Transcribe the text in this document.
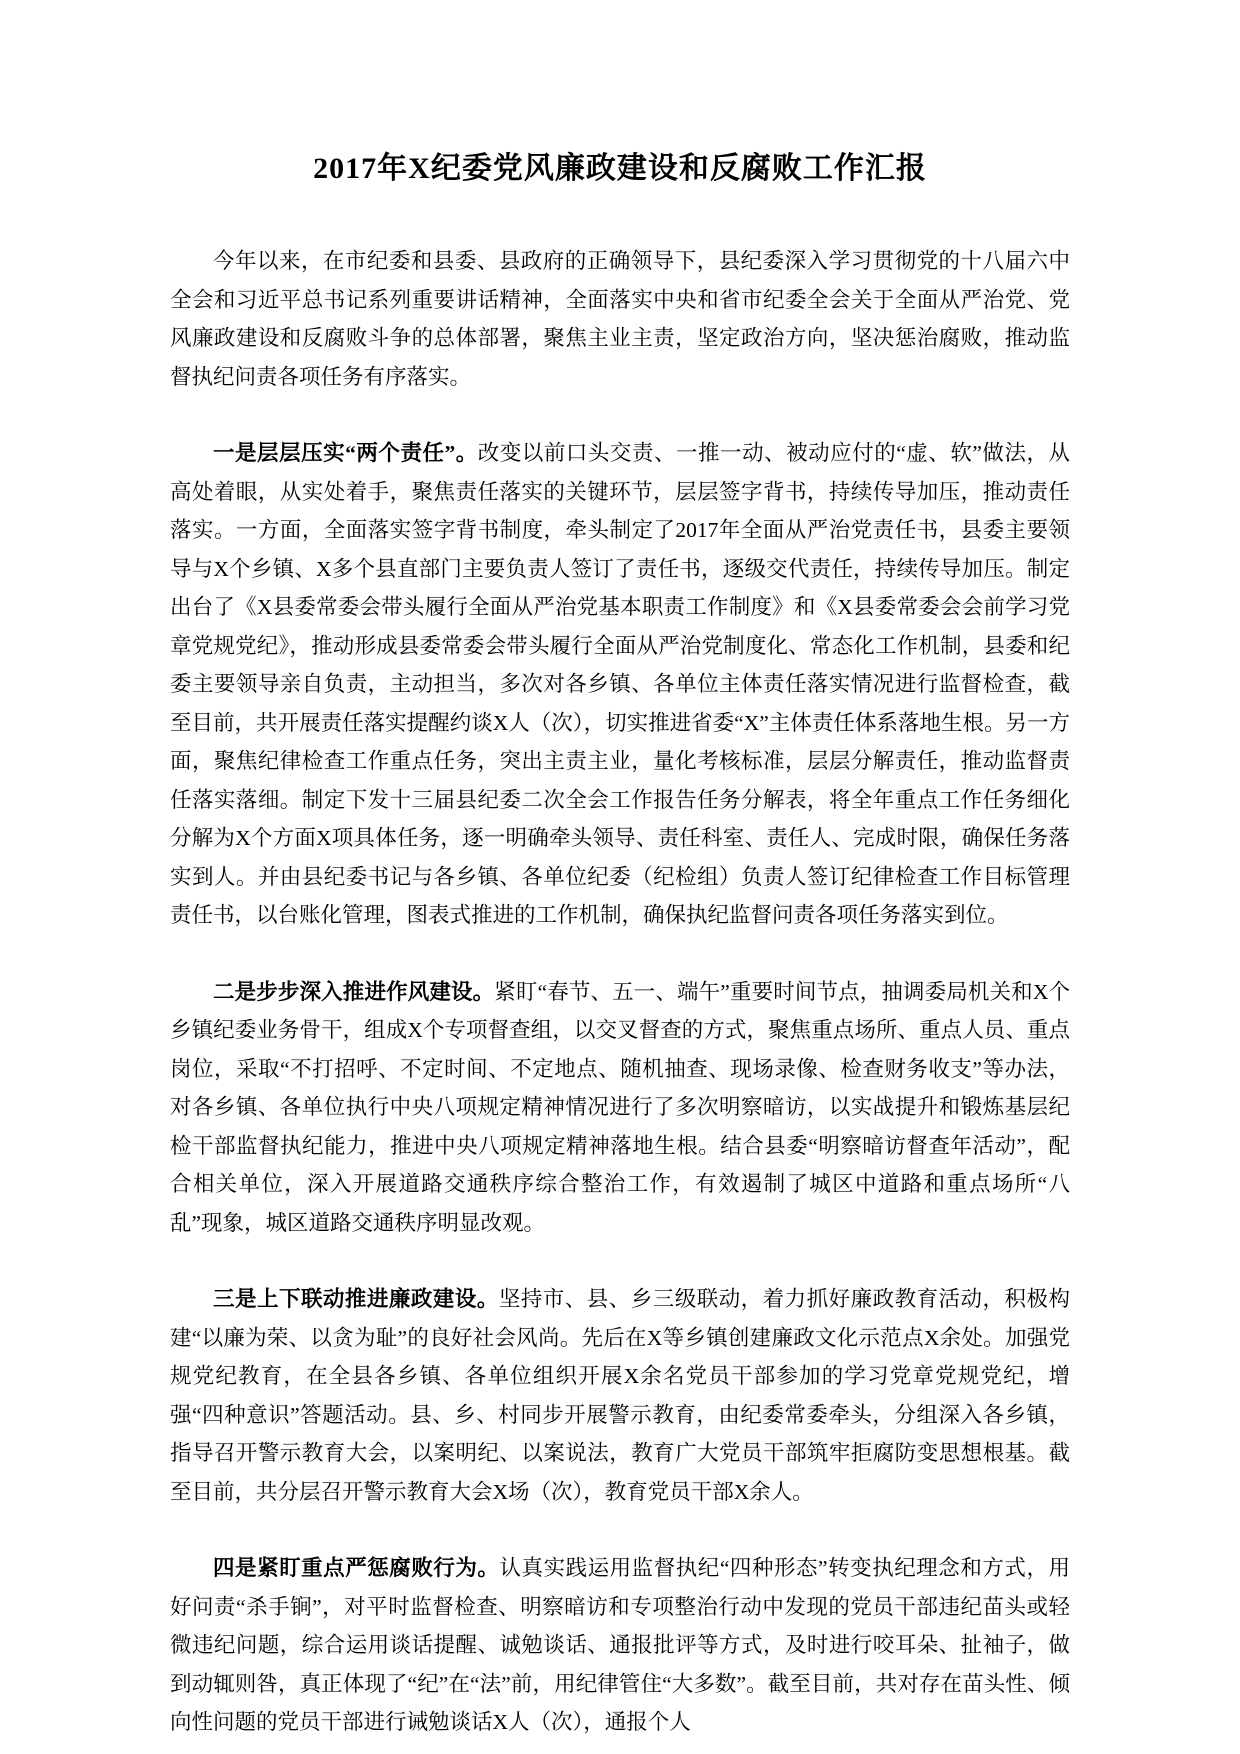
2017年X纪委党风廉政建设和反腐败工作汇报

今年以来，在市纪委和县委、县政府的正确领导下，县纪委深入学习贯彻党的十八届六中全会和习近平总书记系列重要讲话精神，全面落实中央和省市纪委全会关于全面从严治党、党风廉政建设和反腐败斗争的总体部署，聚焦主业主责，坚定政治方向，坚决惩治腐败，推动监督执纪问责各项任务有序落实。

一是层层压实“两个责任”。改变以前口头交责、一推一动、被动应付的“虚、软”做法，从高处着眼，从实处着手，聚焦责任落实的关键环节，层层签字背书，持续传导加压，推动责任落实。一方面，全面落实签字背书制度，牵头制定了2017年全面从严治党责任书，县委主要领导与X个乡镇、X多个县直部门主要负责人签订了责任书，逐级交代责任，持续传导加压。制定出台了《X县委常委会带头履行全面从严治党基本职责工作制度》和《X县委常委会会前学习党章党规党纪》，推动形成县委常委会带头履行全面从严治党制度化、常态化工作机制，县委和纪委主要领导亲自负责，主动担当，多次对各乡镇、各单位主体责任落实情况进行监督检查，截至目前，共开展责任落实提醒约谈X人（次），切实推进省委“X”主体责任体系落地生根。另一方面，聚焦纪律检查工作重点任务，突出主责主业，量化考核标准，层层分解责任，推动监督责任落实落细。制定下发十三届县纪委二次全会工作报告任务分解表，将全年重点工作任务细化分解为X个方面X项具体任务，逐一明确牵头领导、责任科室、责任人、完成时限，确保任务落实到人。并由县纪委书记与各乡镇、各单位纪委（纪检组）负责人签订纪律检查工作目标管理责任书，以台账化管理，图表式推进的工作机制，确保执纪监督问责各项任务落实到位。

二是步步深入推进作风建设。紧盯“春节、五一、端午”重要时间节点，抽调委局机关和X个乡镇纪委业务骨干，组成X个专项督查组，以交叉督查的方式，聚焦重点场所、重点人员、重点岗位，采取“不打招呼、不定时间、不定地点、随机抽查、现场录像、检查财务收支”等办法，对各乡镇、各单位执行中央八项规定精神情况进行了多次明察暗访，以实战提升和锻炼基层纪检干部监督执纪能力，推进中央八项规定精神落地生根。结合县委“明察暗访督查年活动”，配合相关单位，深入开展道路交通秩序综合整治工作，有效遏制了城区中道路和重点场所“八乱”现象，城区道路交通秩序明显改观。

三是上下联动推进廉政建设。坚持市、县、乡三级联动，着力抓好廉政教育活动，积极构建“以廉为荣、以贪为耻”的良好社会风尚。先后在X等乡镇创建廉政文化示范点X余处。加强党规党纪教育，在全县各乡镇、各单位组织开展X余名党员干部参加的学习党章党规党纪，增强“四种意识”答题活动。县、乡、村同步开展警示教育，由纪委常委牵头，分组深入各乡镇，指导召开警示教育大会，以案明纪、以案说法，教育广大党员干部筑牢拒腐防变思想根基。截至目前，共分层召开警示教育大会X场（次），教育党员干部X余人。

四是紧盯重点严惩腐败行为。认真实践运用监督执纪“四种形态”转变执纪理念和方式，用好问责“杀手锏”，对平时监督检查、明察暗访和专项整治行动中发现的党员干部违纪苗头或轻微违纪问题，综合运用谈话提醒、诚勉谈话、通报批评等方式，及时进行咬耳朵、扯袖子，做到动辄则咎，真正体现了“纪”在“法”前，用纪律管住“大多数”。截至目前，共对存在苗头性、倾向性问题的党员干部进行诫勉谈话X人（次），通报个人
